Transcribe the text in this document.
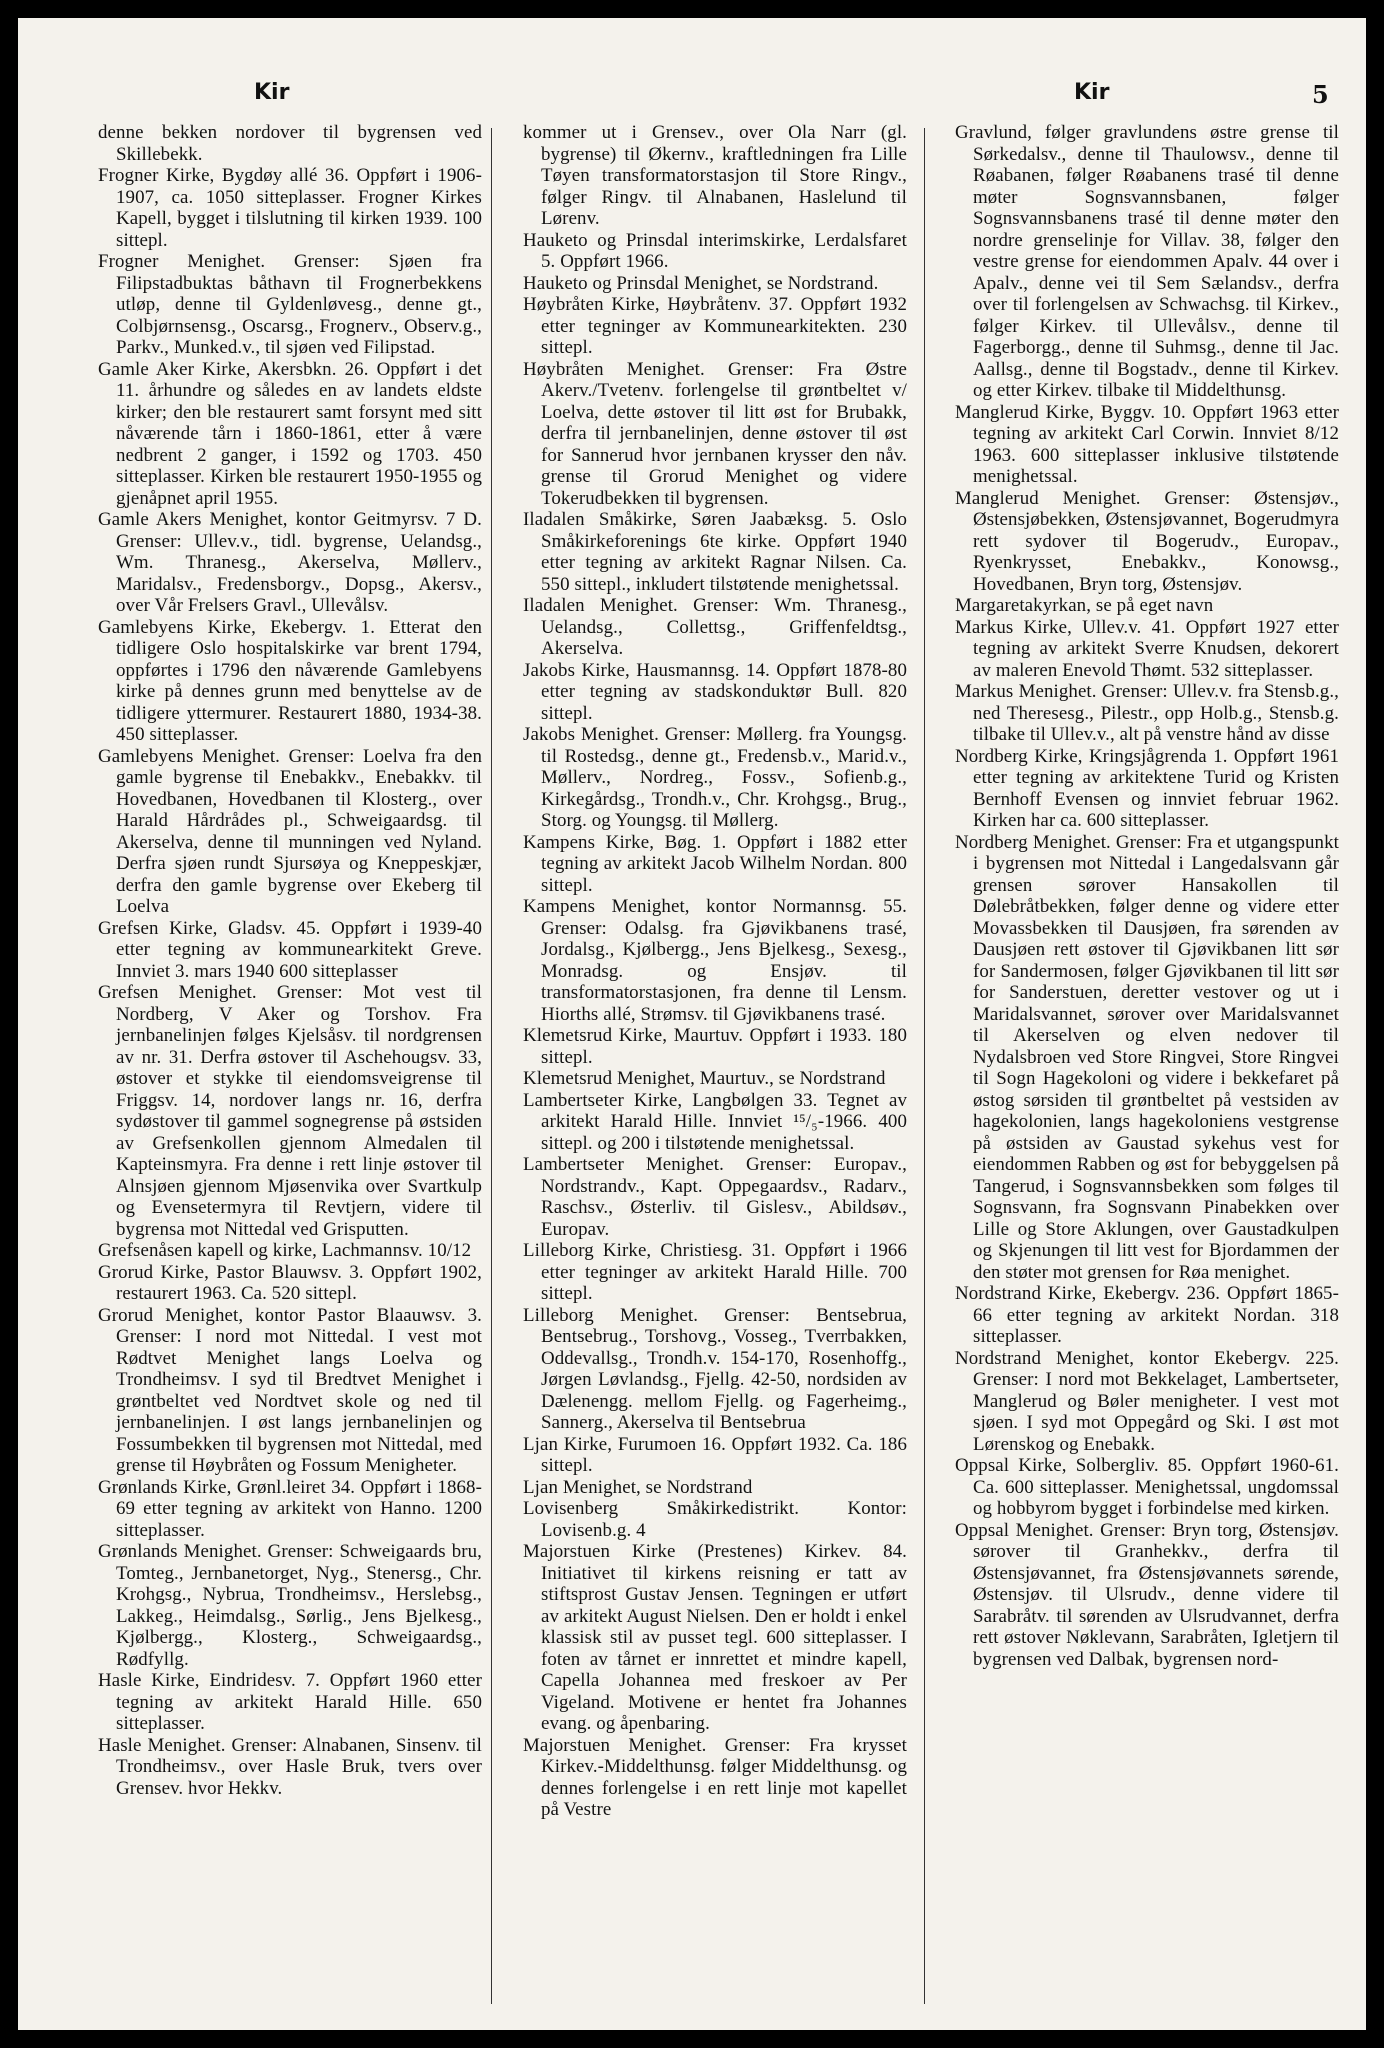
Kir	Kir	5

denne bekken nordover til bygrensen ved Skillebekk.

Frogner Kirke, Bygdøy allé 36. Oppført i 1906-1907, ca. 1050 sitteplasser. Frogner Kirkes Kapell, bygget i tilslutning til kirken 1939. 100 sittepl.

Frogner Menighet. Grenser: Sjøen fra Filipstadbuktas båthavn til Frognerbekkens utløp, denne til Gyldenløvesg., denne gt., Colbjørnsensg., Oscarsg., Frognerv., Observ.g., Parkv., Munked.v., til sjøen ved Filipstad.

Gamle Aker Kirke, Akersbkn. 26. Oppført i det 11. århundre og således en av landets eldste kirker; den ble restaurert samt forsynt med sitt nåværende tårn i 1860-1861, etter å være nedbrent 2 ganger, i 1592 og 1703. 450 sitteplasser. Kirken ble restaurert 1950-1955 og gjenåpnet april 1955.

Gamle Akers Menighet, kontor Geitmyrsv. 7 D. Grenser: Ullev.v., tidl. bygrense, Uelandsg., Wm. Thranesg., Akerselva, Møllerv., Maridalsv., Fredensborgv., Dopsg., Akersv., over Vår Frelsers Gravl., Ullevålsv.

Gamlebyens Kirke, Ekebergv. 1. Etterat den tidligere Oslo hospitalskirke var brent 1794, oppførtes i 1796 den nåværende Gamlebyens kirke på dennes grunn med benyttelse av de tidligere yttermurer. Restaurert 1880, 1934-38. 450 sitteplasser.

Gamlebyens Menighet. Grenser: Loelva fra den gamle bygrense til Enebakkv., Enebakkv. til Hovedbanen, Hovedbanen til Klosterg., over Harald Hårdrådes pl., Schweigaardsg. til Akerselva, denne til munningen ved Nyland. Derfra sjøen rundt Sjursøya og Kneppeskjær, derfra den gamle bygrense over Ekeberg til Loelva

Grefsen Kirke, Gladsv. 45. Oppført i 1939-40 etter tegning av kommunearkitekt Greve. Innviet 3. mars 1940 600 sitteplasser

Grefsen Menighet. Grenser: Mot vest til Nordberg, V Aker og Torshov. Fra jernbanelinjen følges Kjelsåsv. til nordgrensen av nr. 31. Derfra østover til Aschehougsv. 33, østover et stykke til eiendomsveigrense til Friggsv. 14, nordover langs nr. 16, derfra sydøstover til gammel sognegrense på østsiden av Grefsenkollen gjennom Almedalen til Kapteinsmyra. Fra denne i rett linje østover til Alnsjøen gjennom Mjøsenvika over Svartkulp og Evensetermyra til Revtjern, videre til bygrensa mot Nittedal ved Grisputten.

Grefsenåsen kapell og kirke, Lachmannsv. 10/12

Grorud Kirke, Pastor Blauwsv. 3. Oppført 1902, restaurert 1963. Ca. 520 sittepl.

Grorud Menighet, kontor Pastor Blaauwsv. 3. Grenser: I nord mot Nittedal. I vest mot Rødtvet Menighet langs Loelva og Trondheimsv. I syd til Bredtvet Menighet i grøntbeltet ved Nordtvet skole og ned til jernbanelinjen. I øst langs jernbanelinjen og Fossumbekken til bygrensen mot Nittedal, med grense til Høybråten og Fossum Menigheter.

Grønlands Kirke, Grønl.leiret 34. Oppført i 1868-69 etter tegning av arkitekt von Hanno. 1200 sitteplasser.

Grønlands Menighet. Grenser: Schweigaards bru, Tomteg., Jernbanetorget, Nyg., Stenersg., Chr. Krohgsg., Nybrua, Trondheimsv., Herslebsg., Lakkeg., Heimdalsg., Sørlig., Jens Bjelkesg., Kjølbergg., Klosterg., Schweigaardsg., Rødfyllg.

Hasle Kirke, Eindridesv. 7. Oppført 1960 etter tegning av arkitekt Harald Hille. 650 sitteplasser.

Hasle Menighet. Grenser: Alnabanen, Sinsenv. til Trondheimsv., over Hasle Bruk, tvers over Grensev. hvor Hekkv.

kommer ut i Grensev., over Ola Narr (gl. bygrense) til Økernv., kraftledningen fra Lille Tøyen transformatorstasjon til Store Ringv., følger Ringv. til Alnabanen, Haslelund til Lørenv.

Hauketo og Prinsdal interimskirke, Lerdalsfaret 5. Oppført 1966.

Hauketo og Prinsdal Menighet, se Nordstrand.

Høybråten Kirke, Høybråtenv. 37. Oppført 1932 etter tegninger av Kommunearkitekten. 230 sittepl.

Høybråten Menighet. Grenser: Fra Østre Akerv./Tvetenv. forlengelse til grøntbeltet v/ Loelva, dette østover til litt øst for Brubakk, derfra til jernbanelinjen, denne østover til øst for Sannerud hvor jernbanen krysser den nåv. grense til Grorud Menighet og videre Tokerudbekken til bygrensen.

Iladalen Småkirke, Søren Jaabæksg. 5. Oslo Småkirkeforenings 6te kirke. Oppført 1940 etter tegning av arkitekt Ragnar Nilsen. Ca. 550 sittepl., inkludert tilstøtende menighetssal.

Iladalen Menighet. Grenser: Wm. Thranesg., Uelandsg., Collettsg., Griffenfeldtsg., Akerselva.

Jakobs Kirke, Hausmannsg. 14. Oppført 1878-80 etter tegning av stadskonduktør Bull. 820 sittepl.

Jakobs Menighet. Grenser: Møllerg. fra Youngsg. til Rostedsg., denne gt., Fredensb.v., Marid.v., Møllerv., Nordreg., Fossv., Sofienb.g., Kirkegårdsg., Trondh.v., Chr. Krohgsg., Brug., Storg. og Youngsg. til Møllerg.

Kampens Kirke, Bøg. 1. Oppført i 1882 etter tegning av arkitekt Jacob Wilhelm Nordan. 800 sittepl.

Kampens Menighet, kontor Normannsg. 55. Grenser: Odalsg. fra Gjøvikbanens trasé, Jordalsg., Kjølbergg., Jens Bjelkesg., Sexesg., Monradsg. og Ensjøv. til transformatorstasjonen, fra denne til Lensm. Hiorths allé, Strømsv. til Gjøvikbanens trasé.

Klemetsrud Kirke, Maurtuv. Oppført i 1933. 180 sittepl.

Klemetsrud Menighet, Maurtuv., se Nordstrand

Lambertseter Kirke, Langbølgen 33. Tegnet av arkitekt Harald Hille. Innviet ¹⁵/₅-1966. 400 sittepl. og 200 i tilstøtende menighetssal.

Lambertseter Menighet. Grenser: Europav., Nordstrandv., Kapt. Oppegaardsv., Radarv., Raschsv., Østerliv. til Gislesv., Abildsøv., Europav.

Lilleborg Kirke, Christiesg. 31. Oppført i 1966 etter tegninger av arkitekt Harald Hille. 700 sittepl.

Lilleborg Menighet. Grenser: Bentsebrua, Bentsebrug., Torshovg., Vosseg., Tverrbakken, Oddevallsg., Trondh.v. 154-170, Rosenhoffg., Jørgen Løvlandsg., Fjellg. 42-50, nordsiden av Dælenengg. mellom Fjellg. og Fagerheimg., Sannerg., Akerselva til Bentsebrua

Ljan Kirke, Furumoen 16. Oppført 1932. Ca. 186 sittepl.

Ljan Menighet, se Nordstrand

Lovisenberg Småkirkedistrikt. Kontor: Lovisenb.g. 4

Majorstuen Kirke (Prestenes) Kirkev. 84. Initiativet til kirkens reisning er tatt av stiftsprost Gustav Jensen. Tegningen er utført av arkitekt August Nielsen. Den er holdt i enkel klassisk stil av pusset tegl. 600 sitteplasser. I foten av tårnet er innrettet et mindre kapell, Capella Johannea med freskoer av Per Vigeland. Motivene er hentet fra Johannes evang. og åpenbaring.

Majorstuen Menighet. Grenser: Fra krysset Kirkev.-Middelthunsg. følger Middelthunsg. og dennes forlengelse i en rett linje mot kapellet på Vestre

Gravlund, følger gravlundens østre grense til Sørkedalsv., denne til Thaulowsv., denne til Røabanen, følger Røabanens trasé til denne møter Sognsvannsbanen, følger Sognsvannsbanens trasé til denne møter den nordre grenselinje for Villav. 38, følger den vestre grense for eiendommen Apalv. 44 over i Apalv., denne vei til Sem Sælandsv., derfra over til forlengelsen av Schwachsg. til Kirkev., følger Kirkev. til Ullevålsv., denne til Fagerborgg., denne til Suhmsg., denne til Jac. Aallsg., denne til Bogstadv., denne til Kirkev. og etter Kirkev. tilbake til Middelthunsg.

Manglerud Kirke, Byggv. 10. Oppført 1963 etter tegning av arkitekt Carl Corwin. Innviet 8/12 1963. 600 sitteplasser inklusive tilstøtende menighetssal.

Manglerud Menighet. Grenser: Østensjøv., Østensjøbekken, Østensjøvannet, Bogerudmyra rett sydover til Bogerudv., Europav., Ryenkrysset, Enebakkv., Konowsg., Hovedbanen, Bryn torg, Østensjøv.

Margaretakyrkan, se på eget navn

Markus Kirke, Ullev.v. 41. Oppført 1927 etter tegning av arkitekt Sverre Knudsen, dekorert av maleren Enevold Thømt. 532 sitteplasser.

Markus Menighet. Grenser: Ullev.v. fra Stensb.g., ned Theresesg., Pilestr., opp Holb.g., Stensb.g. tilbake til Ullev.v., alt på venstre hånd av disse

Nordberg Kirke, Kringsjågrenda 1. Oppført 1961 etter tegning av arkitektene Turid og Kristen Bernhoff Evensen og innviet februar 1962. Kirken har ca. 600 sitteplasser.

Nordberg Menighet. Grenser: Fra et utgangspunkt i bygrensen mot Nittedal i Langedalsvann går grensen sørover Hansakollen til Dølebråtbekken, følger denne og videre etter Movassbekken til Dausjøen, fra sørenden av Dausjøen rett østover til Gjøvikbanen litt sør for Sandermosen, følger Gjøvikbanen til litt sør for Sanderstuen, deretter vestover og ut i Maridalsvannet, sørover over Maridalsvannet til Akerselven og elven nedover til Nydalsbroen ved Store Ringvei, Store Ringvei til Sogn Hagekoloni og videre i bekkefaret på østog sørsiden til grøntbeltet på vestsiden av hagekolonien, langs hagekoloniens vestgrense på østsiden av Gaustad sykehus vest for eiendommen Rabben og øst for bebyggelsen på Tangerud, i Sognsvannsbekken som følges til Sognsvann, fra Sognsvann Pinabekken over Lille og Store Aklungen, over Gaustadkulpen og Skjenungen til litt vest for Bjordammen der den støter mot grensen for Røa menighet.

Nordstrand Kirke, Ekebergv. 236. Oppført 1865-66 etter tegning av arkitekt Nordan. 318 sitteplasser.

Nordstrand Menighet, kontor Ekebergv. 225. Grenser: I nord mot Bekkelaget, Lambertseter, Manglerud og Bøler menigheter. I vest mot sjøen. I syd mot Oppegård og Ski. I øst mot Lørenskog og Enebakk.

Oppsal Kirke, Solbergliv. 85. Oppført 1960-61. Ca. 600 sitteplasser. Menighetssal, ungdomssal og hobbyrom bygget i forbindelse med kirken.

Oppsal Menighet. Grenser: Bryn torg, Østensjøv. sørover til Granhekkv., derfra til Østensjøvannet, fra Østensjøvannets sørende, Østensjøv. til Ulsrudv., denne videre til Sarabråtv. til sørenden av Ulsrudvannet, derfra rett østover Nøklevann, Sarabråten, Igletjern til bygrensen ved Dalbak, bygrensen nord-
